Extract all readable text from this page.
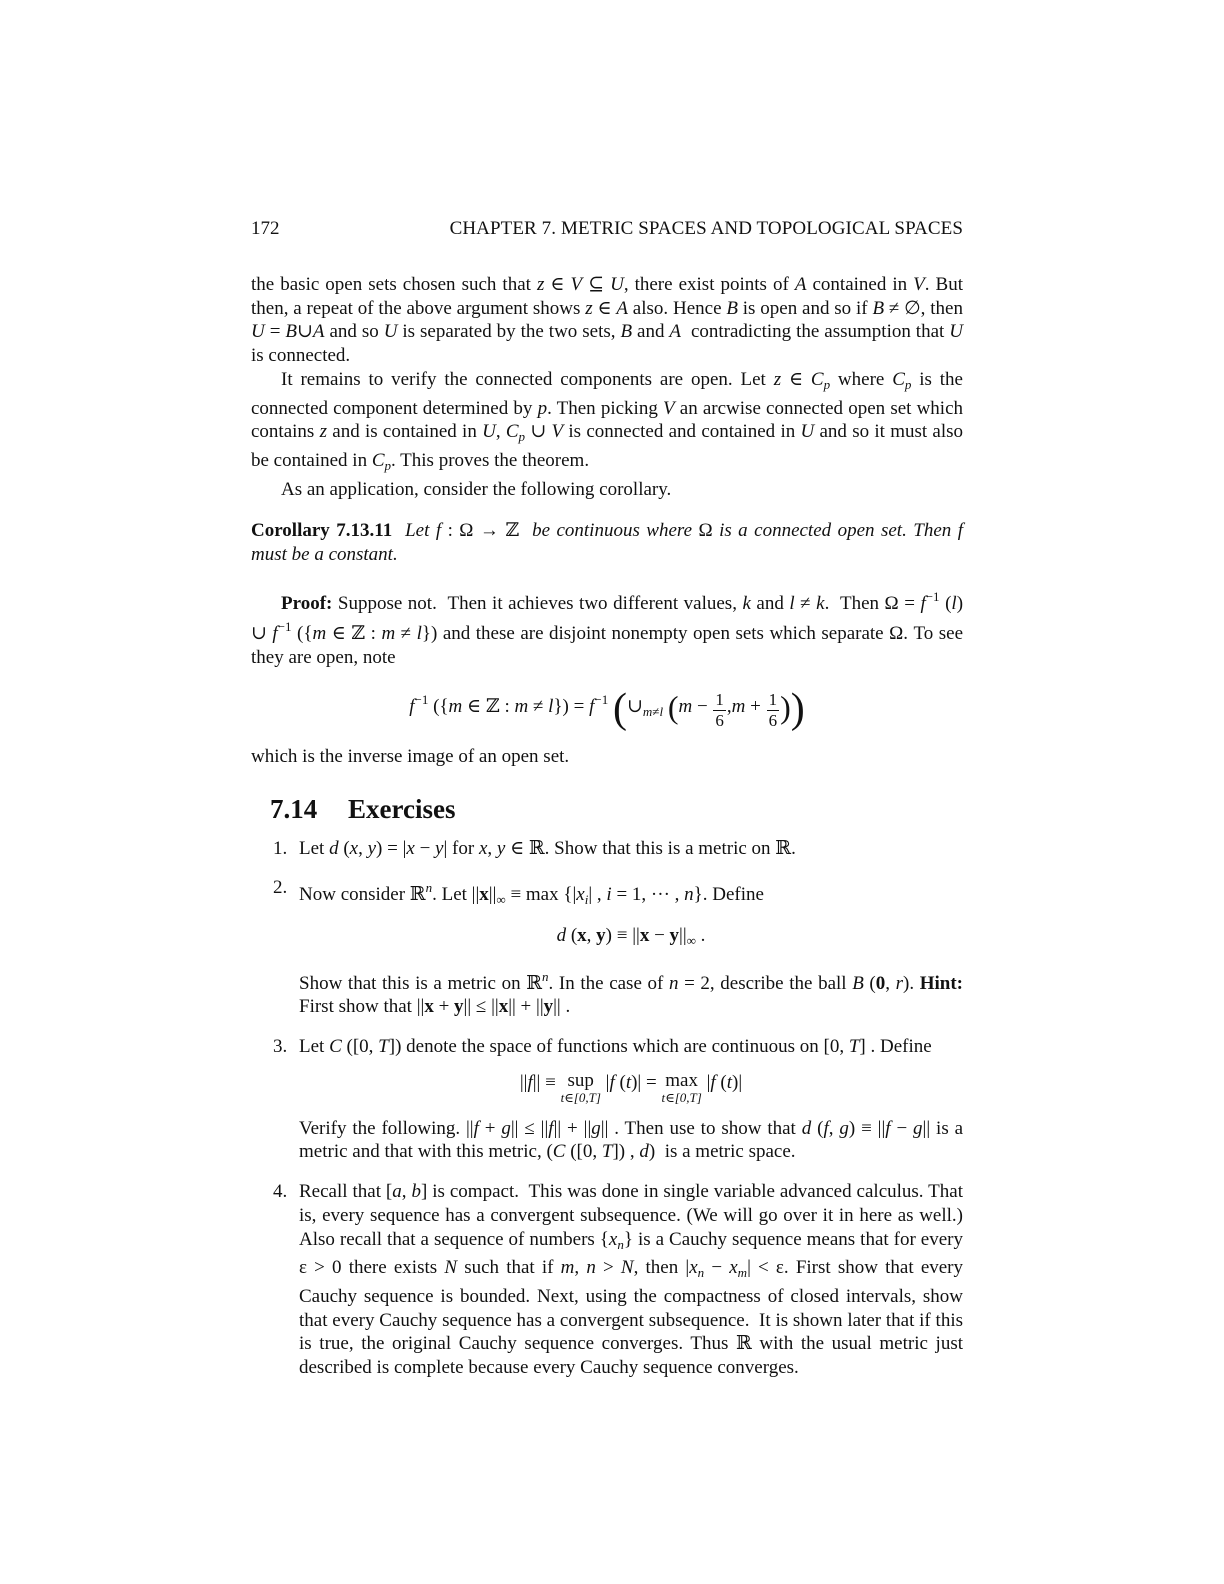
172	CHAPTER 7. METRIC SPACES AND TOPOLOGICAL SPACES

the basic open sets chosen such that z ∈ V ⊆ U, there exist points of A contained in V. But then, a repeat of the above argument shows z ∈ A also. Hence B is open and so if B ≠ ∅, then U = B∪A and so U is separated by the two sets, B and A  contradicting the assumption that U is connected.

It remains to verify the connected components are open. Let z ∈ $C_p$ where $C_p$ is the connected component determined by p. Then picking V an arcwise connected open set which contains z and is contained in U, $C_p$ ∪ V is connected and contained in U and so it must also be contained in $C_p$. This proves the theorem.

As an application, consider the following corollary.

Corollary 7.13.11 Let f : Ω → ℤ  be continuous where Ω is a connected open set. Then f must be a constant.

Proof: Suppose not.  Then it achieves two different values, k and l ≠ k.  Then $\Omega = f^{-1}$ (l) ∪ $f^{-1}$ ({m ∈ ℤ : m ≠ l}) and these are disjoint nonempty open sets which separate Ω. To see they are open, note

$f^{-1}$ ({m ∈ ℤ : $m \ne l\}) = f^{-1}$ ($\cup_{m\ne l}$ ($m - \frac{1}{6} ,m + \frac{1}{6}$ ))

which is the inverse image of an open set.

7.14 Exercises
1. Let d (x, y) = |x − y| for x, y ∈ ℝ. Show that this is a metric on ℝ.

2. Now consider ℝ$^n$. Let $||x||_\infty \equiv \max \{|x_i|$ , i = 1, ··· , n}. Define

d (x, $y) \equiv ||x - y||_\infty$ .

Show that this is a metric on ℝ$^n$. In the case of n = 2, describe the ball B (0, r). Hint: First show that ||x + y|| ≤ ||x|| + ||y|| .

3. Let C ([0, T]) denote the space of functions which are continuous on [0, T] . Define

||f|| ≡ sup
t∈[0,T]
|f (t)| = max
t∈[0,T]
|f (t)|

Verify the following. ||f + g|| ≤ ||f|| + ||g|| . Then use to show that d (f, g) ≡ ||f − g|| is a metric and that with this metric, (C ([0, T]) , d)  is a metric space.

4. Recall that [a, b] is compact.  This was done in single variable advanced calculus. That is, every sequence has a convergent subsequence. (We will go over it in here as well.) Also recall that a sequence of numbers $\{x_n\}$ is a Cauchy sequence means that for every ε > 0 there exists N such that if m, n > N, then $|x_n - x_m| < \varepsilon$. First show that every Cauchy sequence is bounded. Next, using the compactness of closed intervals, show that every Cauchy sequence has a convergent subsequence.  It is shown later that if this is true, the original Cauchy sequence converges. Thus ℝ with the usual metric just described is complete because every Cauchy sequence converges.
